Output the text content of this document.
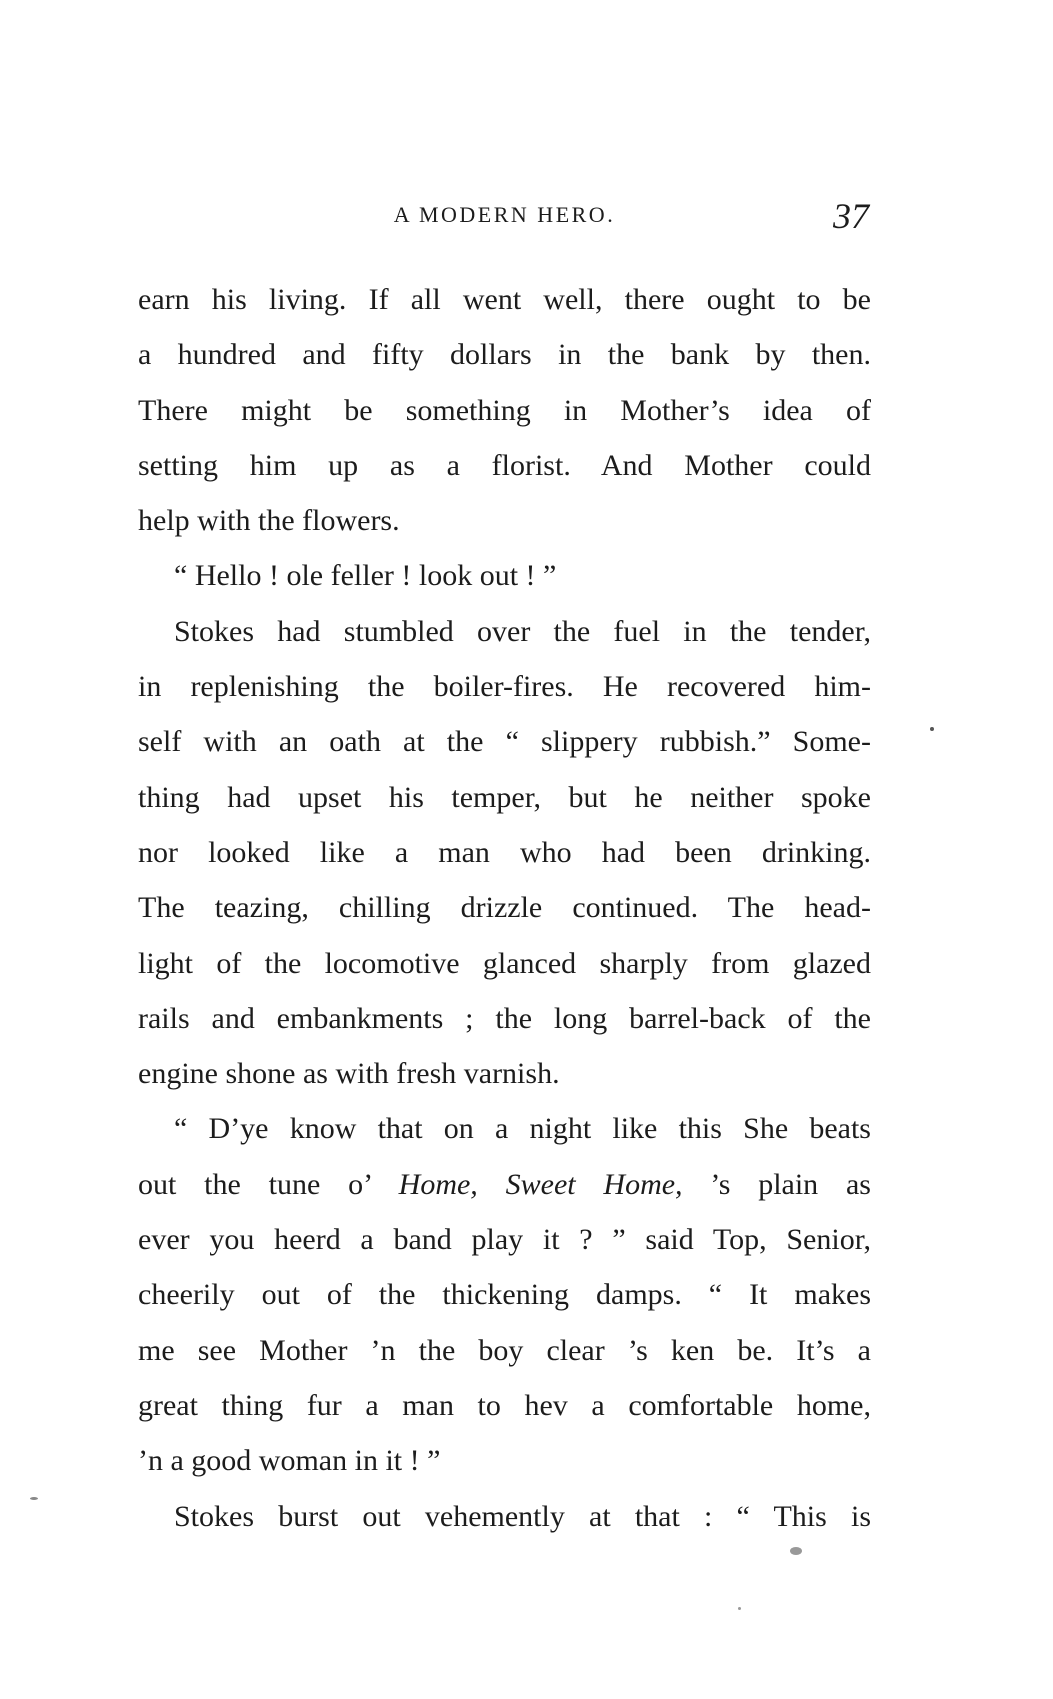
A MODERN HERO.	37
earn his living. If all went well, there ought to be
a hundred and fifty dollars in the bank by then.
There might be something in Mother’s idea of
setting him up as a florist. And Mother could
help with the flowers.
“ Hello ! ole feller ! look out ! ”
Stokes had stumbled over the fuel in the tender,
in replenishing the boiler-fires. He recovered him-
self with an oath at the “ slippery rubbish.” Some-
thing had upset his temper, but he neither spoke
nor looked like a man who had been drinking.
The teazing, chilling drizzle continued. The head-
light of the locomotive glanced sharply from glazed
rails and embankments ; the long barrel-back of the
engine shone as with fresh varnish.
“ D’ye know that on a night like this She beats
out the tune o’ Home, Sweet Home, ’s plain as
ever you heerd a band play it ? ” said Top, Senior,
cheerily out of the thickening damps. “ It makes
me see Mother ’n the boy clear ’s ken be. It’s a
great thing fur a man to hev a comfortable home,
’n a good woman in it ! ”
Stokes burst out vehemently at that : “ This is
